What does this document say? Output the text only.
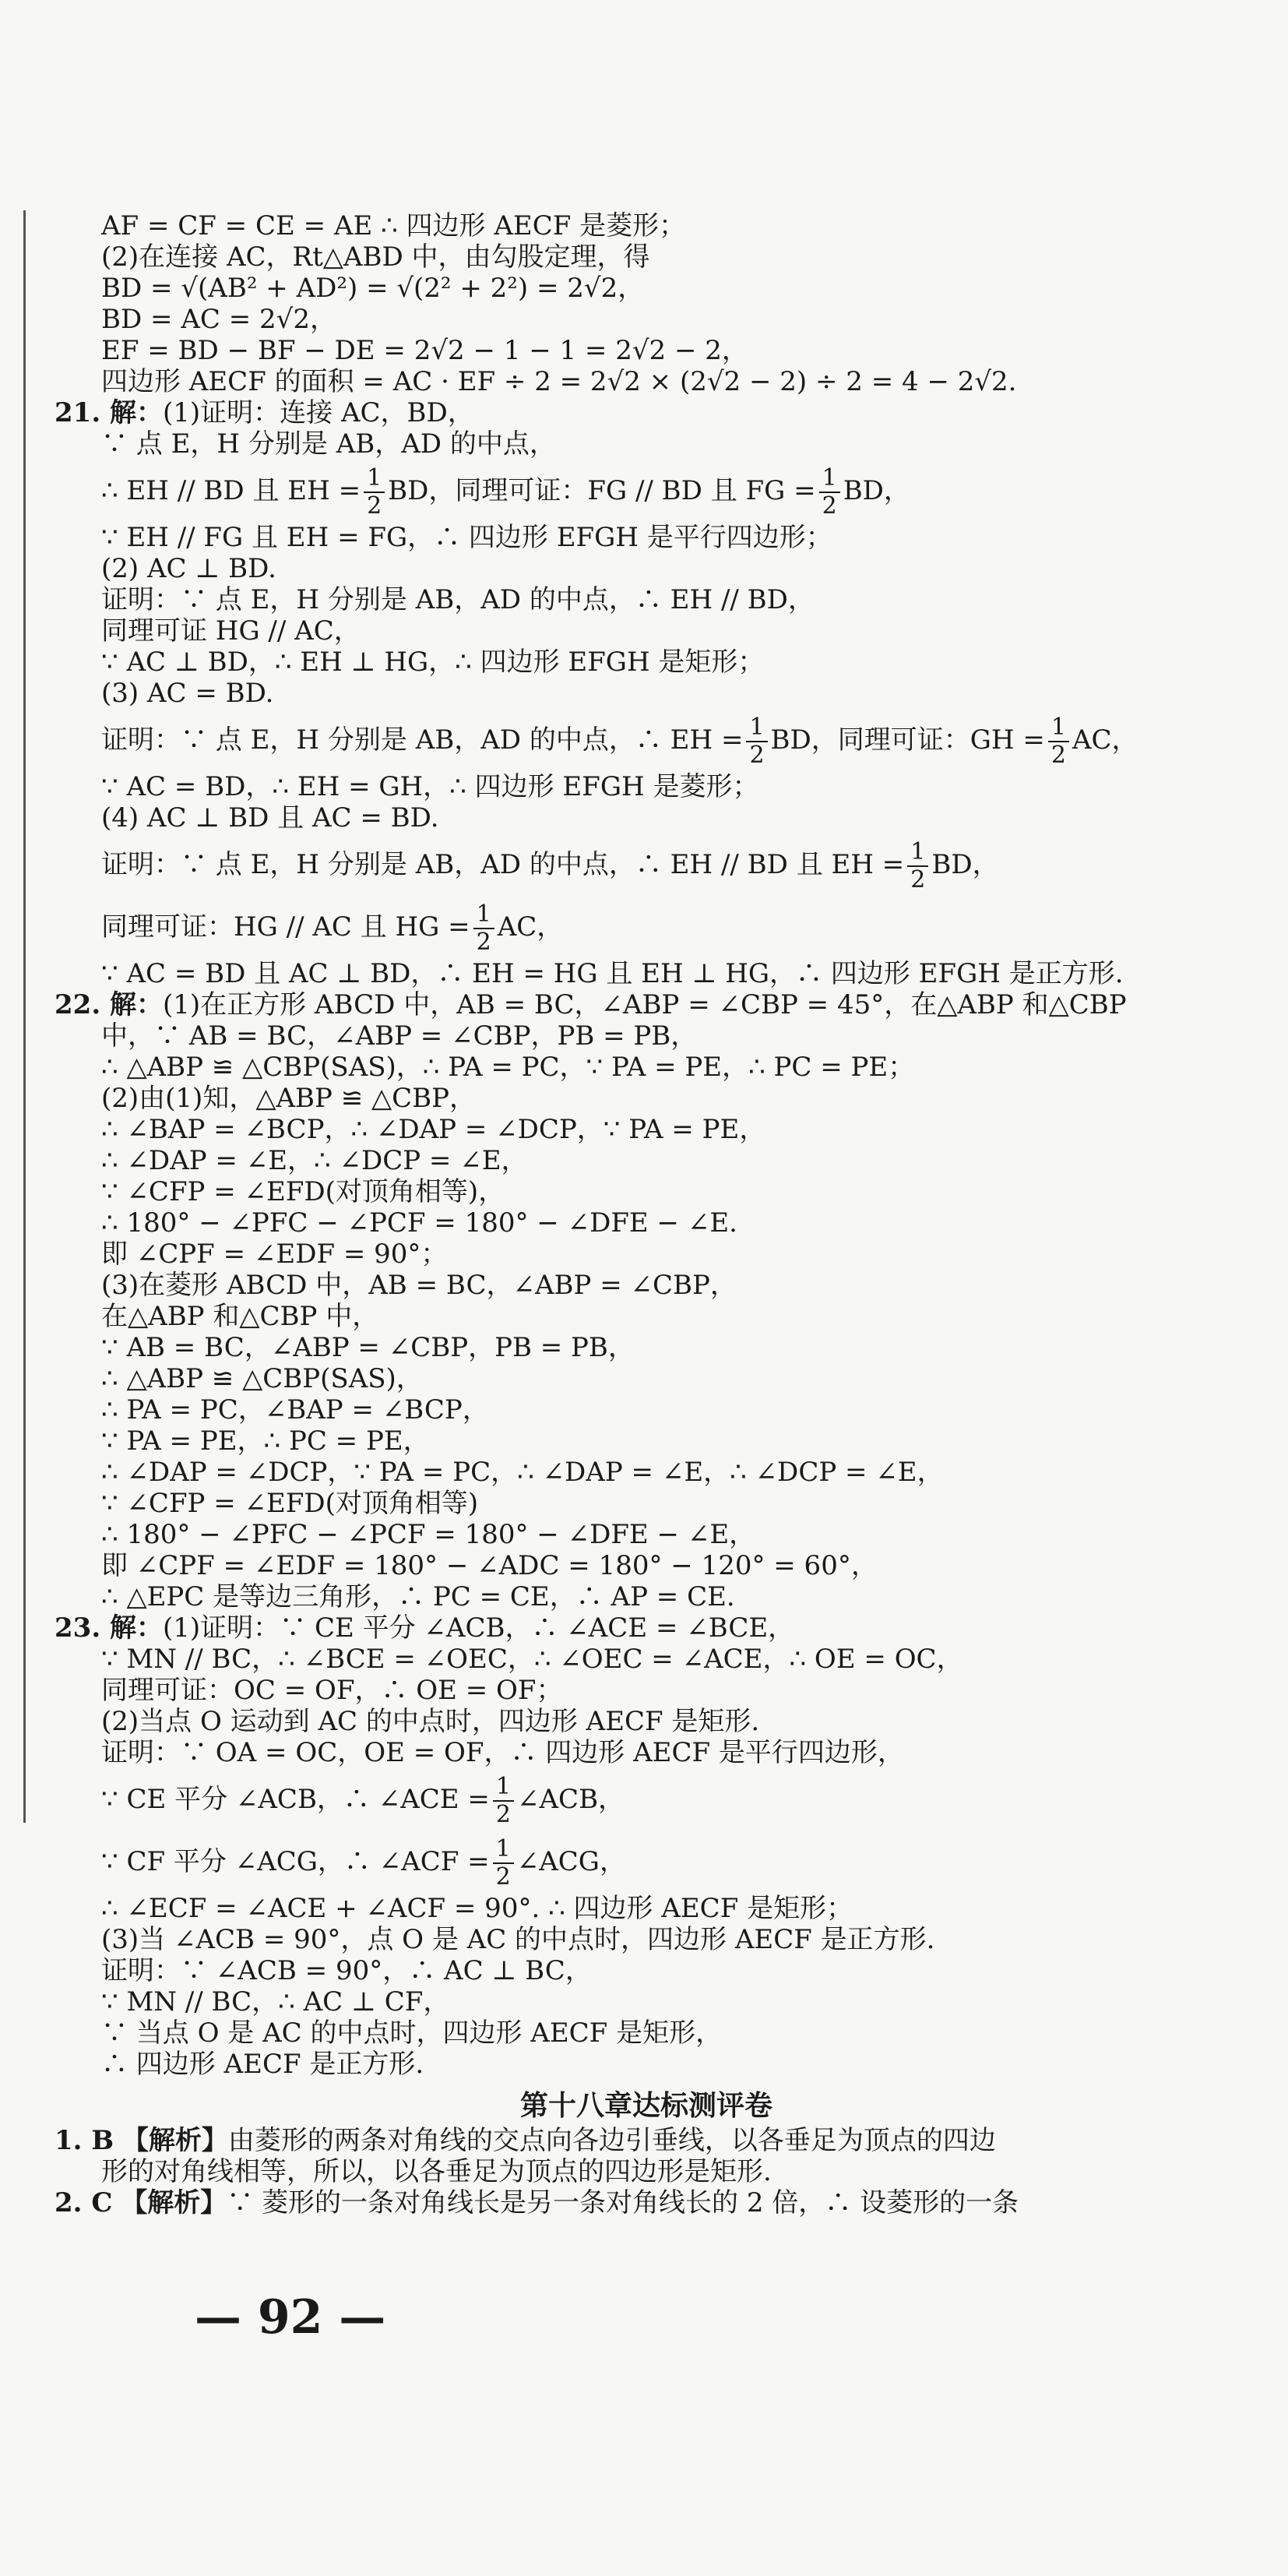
AF = CF = CE = AE ∴ 四边形 AECF 是菱形；
(2)在连接 AC，Rt△ABD 中，由勾股定理，得
BD = √(AB² + AD²) = √(2² + 2²) = 2√2，
BD = AC = 2√2，
EF = BD − BF − DE = 2√2 − 1 − 1 = 2√2 − 2，
四边形 AECF 的面积 = AC · EF ÷ 2 = 2√2 × (2√2 − 2) ÷ 2 = 4 − 2√2.
21. 解：(1)证明：连接 AC，BD，
∵ 点 E，H 分别是 AB，AD 的中点，
∴ EH // BD 且 EH = $\frac{1}{2}$ BD，同理可证：FG // BD 且 FG = $\frac{1}{2}$ BD，
∵ EH // FG 且 EH = FG，∴ 四边形 EFGH 是平行四边形；
(2) AC ⊥ BD.
证明：∵ 点 E，H 分别是 AB，AD 的中点，∴ EH // BD，
同理可证 HG // AC，
∵ AC ⊥ BD，∴ EH ⊥ HG，∴ 四边形 EFGH 是矩形；
(3) AC = BD.
证明：∵ 点 E，H 分别是 AB，AD 的中点，∴ EH = $\frac{1}{2}$ BD，同理可证：GH = $\frac{1}{2}$ AC，
∵ AC = BD，∴ EH = GH，∴ 四边形 EFGH 是菱形；
(4) AC ⊥ BD 且 AC = BD.
证明：∵ 点 E，H 分别是 AB，AD 的中点，∴ EH // BD 且 EH = $\frac{1}{2}$ BD，
同理可证：HG // AC 且 HG = $\frac{1}{2}$ AC，
∵ AC = BD 且 AC ⊥ BD，∴ EH = HG 且 EH ⊥ HG，∴ 四边形 EFGH 是正方形.
22. 解：(1)在正方形 ABCD 中，AB = BC，∠ABP = ∠CBP = 45°，在△ABP 和△CBP
中，∵ AB = BC，∠ABP = ∠CBP，PB = PB，
∴ △ABP ≌ △CBP(SAS)，∴ PA = PC，∵ PA = PE，∴ PC = PE；
(2)由(1)知，△ABP ≌ △CBP，
∴ ∠BAP = ∠BCP，∴ ∠DAP = ∠DCP，∵ PA = PE，
∴ ∠DAP = ∠E，∴ ∠DCP = ∠E，
∵ ∠CFP = ∠EFD(对顶角相等)，
∴ 180° − ∠PFC − ∠PCF = 180° − ∠DFE − ∠E.
即 ∠CPF = ∠EDF = 90°；
(3)在菱形 ABCD 中，AB = BC，∠ABP = ∠CBP，
在△ABP 和△CBP 中，
∵ AB = BC，∠ABP = ∠CBP，PB = PB，
∴ △ABP ≌ △CBP(SAS)，
∴ PA = PC，∠BAP = ∠BCP，
∵ PA = PE，∴ PC = PE，
∴ ∠DAP = ∠DCP，∵ PA = PC，∴ ∠DAP = ∠E，∴ ∠DCP = ∠E，
∵ ∠CFP = ∠EFD(对顶角相等)
∴ 180° − ∠PFC − ∠PCF = 180° − ∠DFE − ∠E，
即 ∠CPF = ∠EDF = 180° − ∠ADC = 180° − 120° = 60°，
∴ △EPC 是等边三角形，∴ PC = CE，∴ AP = CE.
23. 解：(1)证明：∵ CE 平分 ∠ACB，∴ ∠ACE = ∠BCE，
∵ MN // BC，∴ ∠BCE = ∠OEC，∴ ∠OEC = ∠ACE，∴ OE = OC，
同理可证：OC = OF，∴ OE = OF；
(2)当点 O 运动到 AC 的中点时，四边形 AECF 是矩形.
证明：∵ OA = OC，OE = OF，∴ 四边形 AECF 是平行四边形，
∵ CE 平分 ∠ACB，∴ ∠ACE = $\frac{1}{2}$ ∠ACB，
∵ CF 平分 ∠ACG，∴ ∠ACF = $\frac{1}{2}$ ∠ACG，
∴ ∠ECF = ∠ACE + ∠ACF = 90°. ∴ 四边形 AECF 是矩形；
(3)当 ∠ACB = 90°，点 O 是 AC 的中点时，四边形 AECF 是正方形.
证明：∵ ∠ACB = 90°，∴ AC ⊥ BC，
∵ MN // BC，∴ AC ⊥ CF，
∵ 当点 O 是 AC 的中点时，四边形 AECF 是矩形，
∴ 四边形 AECF 是正方形.
第十八章达标测评卷
1. B 【解析】由菱形的两条对角线的交点向各边引垂线，以各垂足为顶点的四边
形的对角线相等，所以，以各垂足为顶点的四边形是矩形.
2. C 【解析】∵ 菱形的一条对角线长是另一条对角线长的 2 倍，∴ 设菱形的一条
— 92 —
